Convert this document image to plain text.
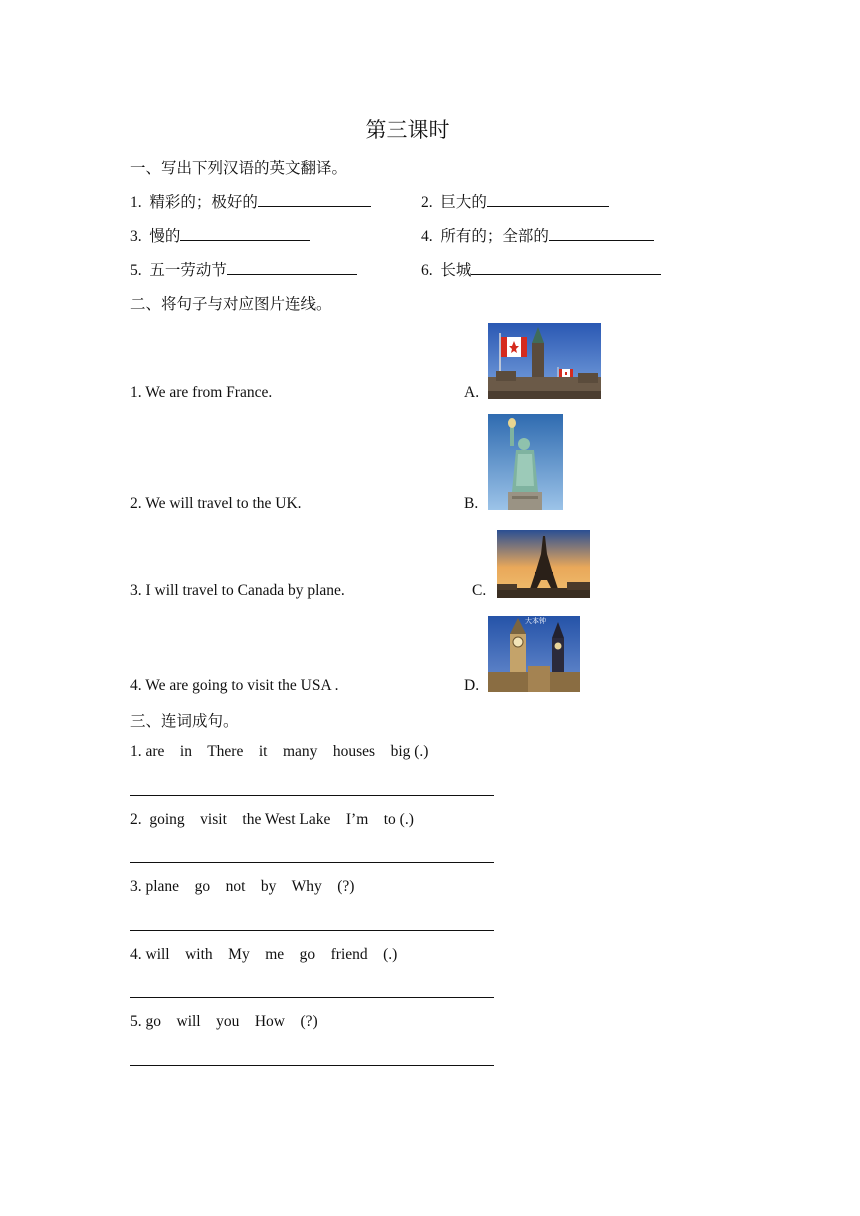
第三课时
一、写出下列汉语的英文翻译。
1. 精彩的；极好的	2. 巨大的
3. 慢的	4. 所有的；全部的
5. 五一劳动节	6. 长城
二、将句子与对应图片连线。
1. We are from France.	A.
2. We will travel to the UK.	B.
3. I will travel to Canada by plane.	C.
4. We are going to visit the USA .	D.
大本钟
三、连词成句。
1. are    in    There    it    many    houses    big (.)
2.  going    visit    the West Lake    I’m    to (.)
3. plane    go    not    by    Why    (?)
4. will    with    My    me    go    friend    (.)
5. go    will    you    How    (?)
